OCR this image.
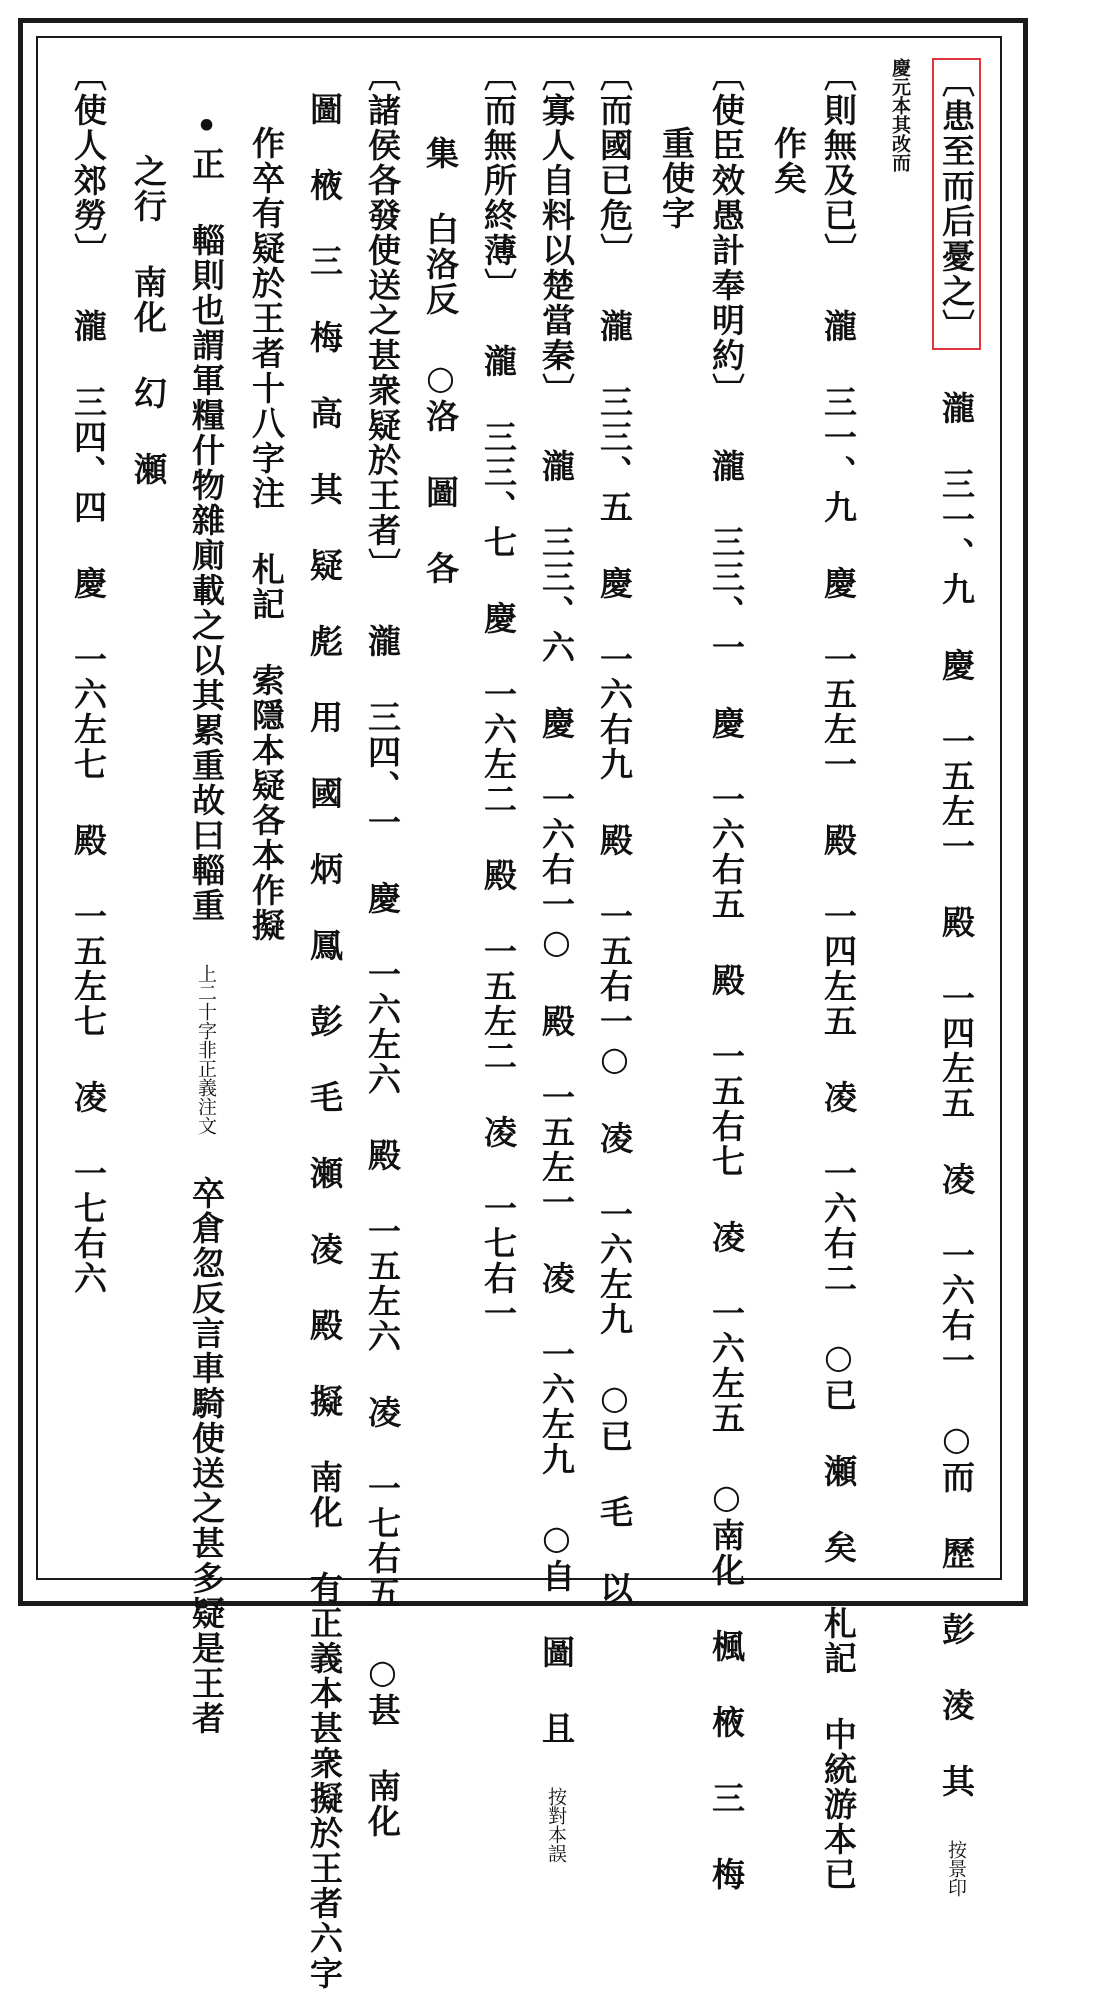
〔患至而后憂之〕 瀧 三一、九 慶 一五左一 殿 一四左五 凌 一六右一 ○而 歷 彭 淩 其 按景印
慶元本其改而
〔則無及已〕 瀧 三一、九 慶 一五左一 殿 一四左五 凌 一六右二 ○已 瀬 矣 札記 中統游本已
作矣
〔使臣效愚計奉明約〕 瀧 三三、一 慶 一六右五 殿 一五右七 凌 一六左五 ○南化 楓 棭 三 梅
重使字
〔而國已危〕 瀧 三三、五 慶 一六右九 殿 一五右一○ 凌 一六左九 ○已 毛 以
〔寡人自料以楚當秦〕 瀧 三三、六 慶 一六右一○ 殿 一五左一 凌 一六左九 ○自 圖 且 按對本誤
〔而無所終薄〕 瀧 三三、七 慶 一六左二 殿 一五左二 凌 一七右一
集 白洛反 ○洛 圖 各
〔諸侯各發使送之甚衆疑於王者〕 瀧 三四、一 慶 一六左六 殿 一五左六 凌 一七右五 ○甚 南化
圖 棭 三 梅 高 其 疑 彪 用 國 炳 鳳 彭 毛 瀬 凌 殿 擬 南化 有正義本甚衆擬於王者六字
作卒有疑於王者十八字注 札記 索隱本疑各本作擬
•正 輜則也謂軍糧什物雜廁載之以其累重故曰輜重 上二十字非正義注文 卒倉忽反言車騎使送之甚多疑是王者
之行 南化 幻 瀬
〔使人郊勞〕 瀧 三四、四 慶 一六左七 殿 一五左七 凌 一七右六
